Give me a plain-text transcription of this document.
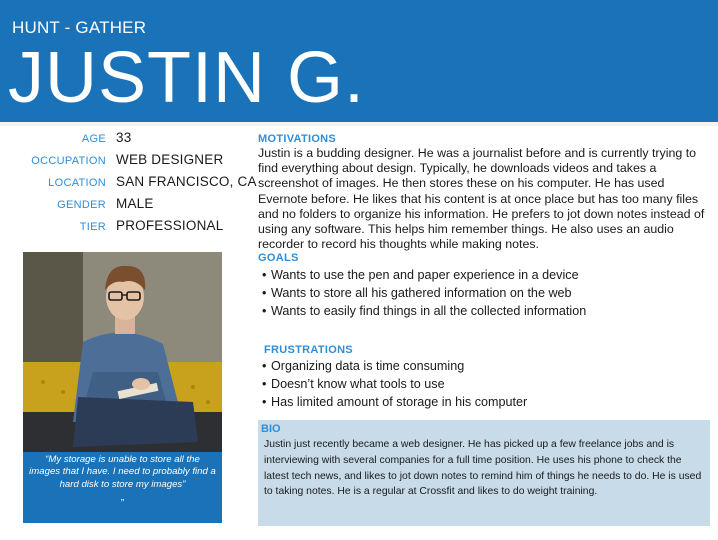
HUNT - GATHER
JUSTIN G.
AGE 33
OCCUPATION WEB DESIGNER
LOCATION SAN FRANCISCO, CA
GENDER MALE
TIER PROFESSIONAL
“My storage is unable to store all the images that I have. I need to probably find a hard disk to store my images”
”
MOTIVATIONS
Justin is a budding designer. He was a journalist before and is currently trying to find everything about design. Typically, he downloads videos and takes a screenshot of images. He then stores these on his computer. He has used Evernote before. He likes that his content is at once place but has too many files and no folders to organize his information. He prefers to jot down notes instead of using any software. This helps him remember things. He also uses an audio recorder to record his thoughts while making notes.
GOALS
• Wants to use the pen and paper experience in a device
• Wants to store all his gathered information on the web
• Wants to easily find things in all the collected information
FRUSTRATIONS
• Organizing data is time consuming
• Doesn’t know what tools to use
• Has limited amount of storage in his computer
BIO
Justin just recently became a web designer. He has picked up a few freelance jobs and is interviewing with several companies for a full time position. He uses his phone to check the latest tech news, and likes to jot down notes to remind him of things he needs to do. He is used to taking notes. He is a regular at Crossfit and likes to do weight training.
